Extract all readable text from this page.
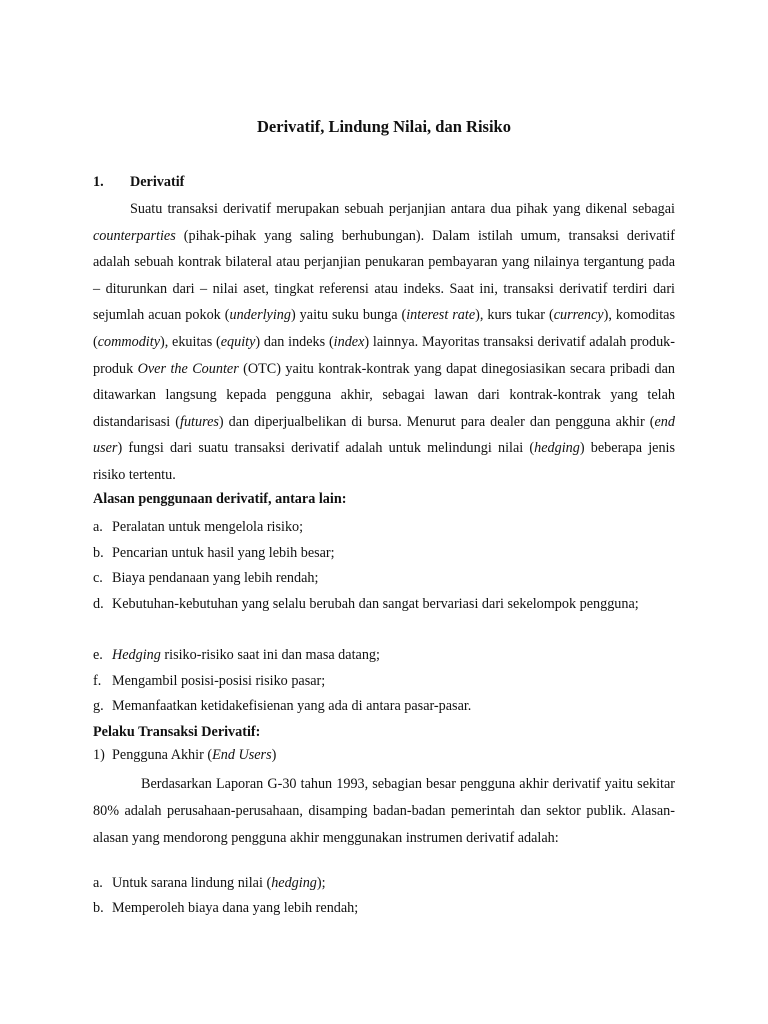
Derivatif, Lindung Nilai, dan Risiko
1.	Derivatif

Suatu transaksi derivatif merupakan sebuah perjanjian antara dua pihak yang dikenal sebagai counterparties (pihak-pihak yang saling berhubungan). Dalam istilah umum, transaksi derivatif adalah sebuah kontrak bilateral atau perjanjian penukaran pembayaran yang nilainya tergantung pada – diturunkan dari – nilai aset, tingkat referensi atau indeks. Saat ini, transaksi derivatif terdiri dari sejumlah acuan pokok (underlying) yaitu suku bunga (interest rate), kurs tukar (currency), komoditas (commodity), ekuitas (equity) dan indeks (index) lainnya. Mayoritas transaksi derivatif adalah produk-produk Over the Counter (OTC) yaitu kontrak-kontrak yang dapat dinegosiasikan secara pribadi dan ditawarkan langsung kepada pengguna akhir, sebagai lawan dari kontrak-kontrak yang telah distandarisasi (futures) dan diperjualbelikan di bursa. Menurut para dealer dan pengguna akhir (end user) fungsi dari suatu transaksi derivatif adalah untuk melindungi nilai (hedging) beberapa jenis risiko tertentu.

Alasan penggunaan derivatif, antara lain:

a. Peralatan untuk mengelola risiko;
b. Pencarian untuk hasil yang lebih besar;
c. Biaya pendanaan yang lebih rendah;
d. Kebutuhan-kebutuhan yang selalu berubah dan sangat bervariasi dari sekelompok pengguna;
e. Hedging risiko-risiko saat ini dan masa datang;
f. Mengambil posisi-posisi risiko pasar;
g. Memanfaatkan ketidakefisienan yang ada di antara pasar-pasar.

Pelaku Transaksi Derivatif:

1) Pengguna Akhir (End Users)

Berdasarkan Laporan G-30 tahun 1993, sebagian besar pengguna akhir derivatif yaitu sekitar 80% adalah perusahaan-perusahaan, disamping badan-badan pemerintah dan sektor publik. Alasan-alasan yang mendorong pengguna akhir menggunakan instrumen derivatif adalah:

a. Untuk sarana lindung nilai (hedging);
b. Memperoleh biaya dana yang lebih rendah;
